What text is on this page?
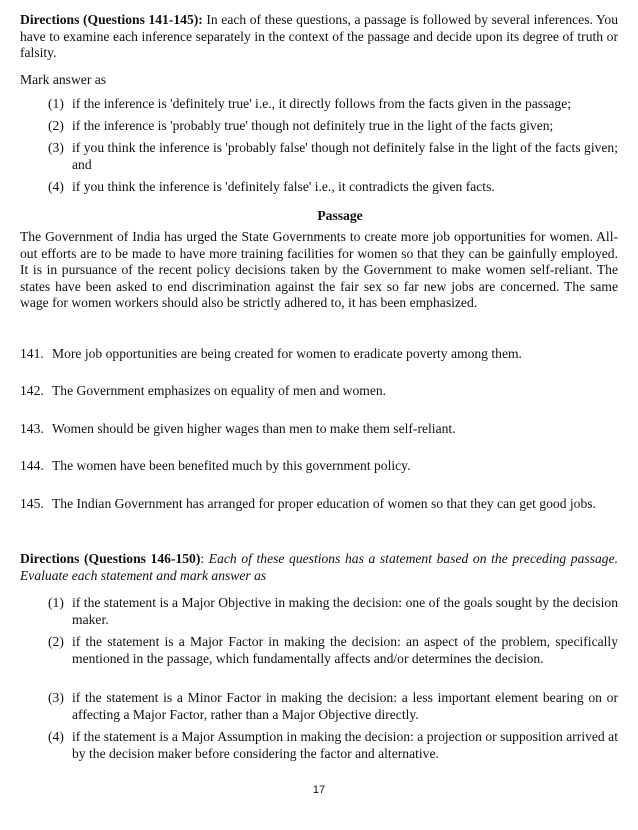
Directions (Questions 141-145): In each of these questions, a passage is followed by several inferences. You have to examine each inference separately in the context of the passage and decide upon its degree of truth or falsity.
Mark answer as
(1) if the inference is 'definitely true' i.e., it directly follows from the facts given in the passage;
(2) if the inference is 'probably true' though not definitely true in the light of the facts given;
(3) if you think the inference is 'probably false' though not definitely false in the light of the facts given; and
(4) if you think the inference is 'definitely false' i.e., it contradicts the given facts.
Passage
The Government of India has urged the State Governments to create more job opportunities for women. All-out efforts are to be made to have more training facilities for women so that they can be gainfully employed. It is in pursuance of the recent policy decisions taken by the Government to make women self-reliant. The states have been asked to end discrimination against the fair sex so far new jobs are concerned. The same wage for women workers should also be strictly adhered to, it has been emphasized.
141. More job opportunities are being created for women to eradicate poverty among them.
142. The Government emphasizes on equality of men and women.
143. Women should be given higher wages than men to make them self-reliant.
144. The women have been benefited much by this government policy.
145. The Indian Government has arranged for proper education of women so that they can get good jobs.
Directions (Questions 146-150): Each of these questions has a statement based on the preceding passage. Evaluate each statement and mark answer as
(1) if the statement is a Major Objective in making the decision: one of the goals sought by the decision maker.
(2) if the statement is a Major Factor in making the decision: an aspect of the problem, specifically mentioned in the passage, which fundamentally affects and/or determines the decision.
(3) if the statement is a Minor Factor in making the decision: a less important element bearing on or affecting a Major Factor, rather than a Major Objective directly.
(4) if the statement is a Major Assumption in making the decision: a projection or supposition arrived at by the decision maker before considering the factor and alternative.
17
